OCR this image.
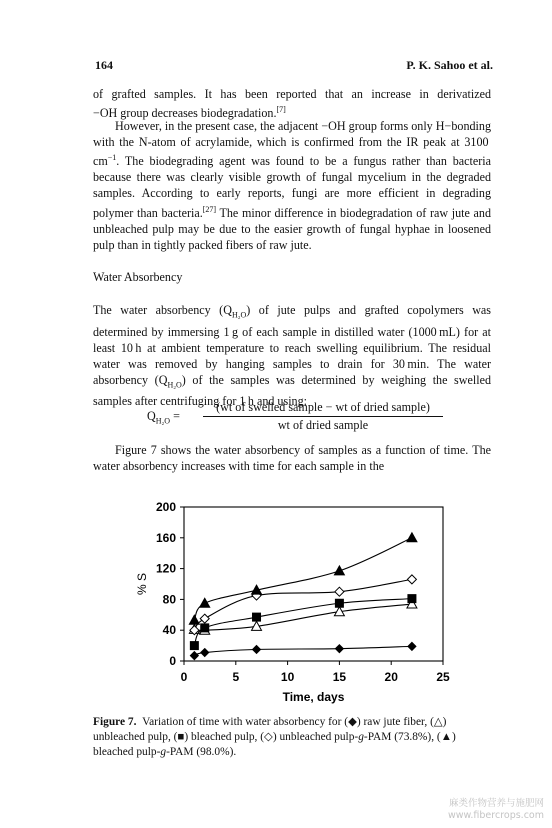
164	P. K. Sahoo et al.

of grafted samples. It has been reported that an increase in derivatized

−OH group decreases biodegradation.[7]

However, in the present case, the adjacent −OH group forms only H−bonding with the N-atom of acrylamide, which is confirmed from the IR peak at 3100 $cm^{-1}$. The biodegrading agent was found to be a fungus rather than bacteria because there was clearly visible growth of fungal mycelium in the degraded samples. According to early reports, fungi are more efficient in degrading polymer than bacteria.[27] The minor difference in biodegradation of raw jute and unbleached pulp may be due to the easier growth of fungal hyphae in loosened pulp than in tightly packed fibers of raw jute.

Water Absorbency

The water absorbency $(Q_{H_2O})$ of jute pulps and grafted copolymers was determined by immersing 1 g of each sample in distilled water (1000 mL) for at least 10 h at ambient temperature to reach swelling equilibrium. The residual water was removed by hanging samples to drain for 30 min. The water absorbency $(Q_{H_2O})$ of the samples was determined by weighing the swelled samples after centrifuging for 1 h and using:

$Q_{H_2O}$ =
(wt of swelled sample − wt of dried sample)
wt of dried sample

Figure 7 shows the water absorbency of samples as a function of time. The water absorbency increases with time for each sample in the

0	5	10	15	20	25
0
40
80
120
160
200
Time, days
% S
Figure 7. Variation of time with water absorbency for (◆) raw jute fiber, (△) unbleached pulp, (■) bleached pulp, (◇) unbleached pulp-g-PAM (73.8%), (▲) bleached pulp-g-PAM (98.0%).
麻类作物营养与施肥网
www.fibercrops.com
